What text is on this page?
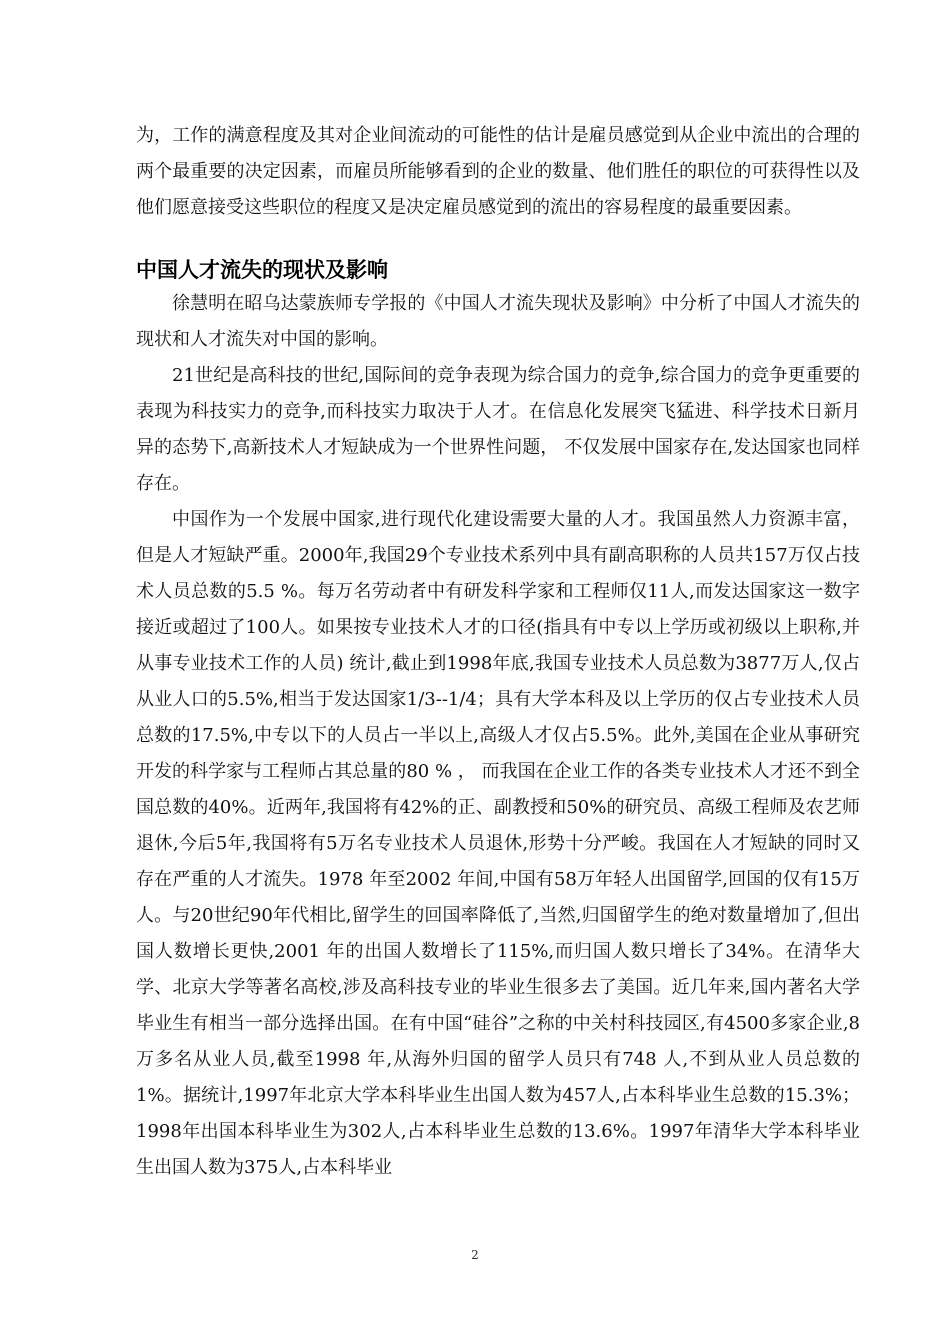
为，工作的满意程度及其对企业间流动的可能性的估计是雇员感觉到从企业中流出的合理的两个最重要的决定因素，而雇员所能够看到的企业的数量、他们胜任的职位的可获得性以及他们愿意接受这些职位的程度又是决定雇员感觉到的流出的容易程度的最重要因素。

中国人才流失的现状及影响

徐慧明在昭乌达蒙族师专学报的《中国人才流失现状及影响》中分析了中国人才流失的现状和人才流失对中国的影响。

21世纪是高科技的世纪,国际间的竞争表现为综合国力的竞争,综合国力的竞争更重要的表现为科技实力的竞争,而科技实力取决于人才。在信息化发展突飞猛进、科学技术日新月异的态势下,高新技术人才短缺成为一个世界性问题， 不仅发展中国家存在,发达国家也同样存在。

中国作为一个发展中国家,进行现代化建设需要大量的人才。我国虽然人力资源丰富， 但是人才短缺严重。2000年,我国29个专业技术系列中具有副高职称的人员共157万仅占技术人员总数的5.5 %。每万名劳动者中有研发科学家和工程师仅11人,而发达国家这一数字接近或超过了100人。如果按专业技术人才的口径(指具有中专以上学历或初级以上职称,并从事专业技术工作的人员) 统计,截止到1998年底,我国专业技术人员总数为3877万人,仅占从业人口的5.5%,相当于发达国家1/3--1/4；具有大学本科及以上学历的仅占专业技术人员总数的17.5%,中专以下的人员占一半以上,高级人才仅占5.5%。此外,美国在企业从事研究开发的科学家与工程师占其总量的80 % ， 而我国在企业工作的各类专业技术人才还不到全国总数的40%。近两年,我国将有42%的正、副教授和50%的研究员、高级工程师及农艺师退休,今后5年,我国将有5万名专业技术人员退休,形势十分严峻。我国在人才短缺的同时又存在严重的人才流失。1978 年至2002 年间,中国有58万年轻人出国留学,回国的仅有15万人。与20世纪90年代相比,留学生的回国率降低了,当然,归国留学生的绝对数量增加了,但出国人数增长更快,2001 年的出国人数增长了115%,而归国人数只增长了34%。在清华大学、北京大学等著名高校,涉及高科技专业的毕业生很多去了美国。近几年来,国内著名大学毕业生有相当一部分选择出国。在有中国“硅谷”之称的中关村科技园区,有4500多家企业,8万多名从业人员,截至1998 年,从海外归国的留学人员只有748 人,不到从业人员总数的1%。据统计,1997年北京大学本科毕业生出国人数为457人,占本科毕业生总数的15.3%；1998年出国本科毕业生为302人,占本科毕业生总数的13.6%。1997年清华大学本科毕业生出国人数为375人,占本科毕业

2
